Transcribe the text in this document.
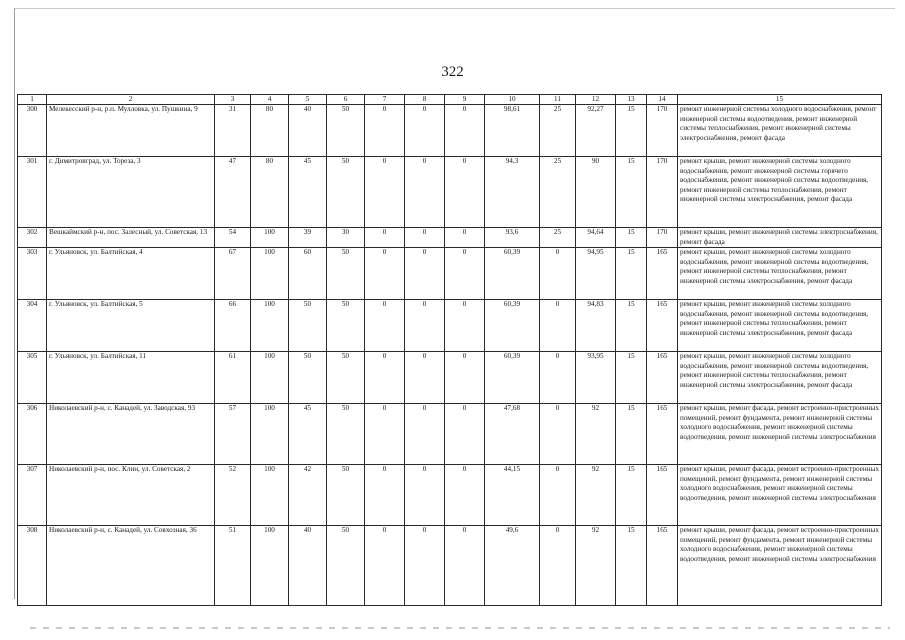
322
1	2	3	4	5	6	7	8	9	10	11	12	13	14	15
300	Мелекесский р-н, р.п. Мулловка, ул. Пушкина, 9	31	80	40	50	0	0	0	98,61	25	92,27	15	170	ремонт инженерной системы холодного водоснабжения, ремонт инженерной системы водоотведения, ремонт инженерной системы теплоснабжения, ремонт инженерной системы электроснабжения, ремонт фасада
301	г. Димитровград, ул. Тореза, 3	47	80	45	50	0	0	0	94,3	25	90	15	170	ремонт крыши, ремонт инженерной системы холодного водоснабжения, ремонт инженерной системы горячего водоснабжения, ремонт инженерной системы водоотведения, ремонт инженерной системы теплоснабжения, ремонт инженерной системы электроснабжения, ремонт фасада
302	Вешкаймский р-н, пос. Залесный, ул. Советская, 13	54	100	39	30	0	0	0	93,6	25	94,64	15	170	ремонт крыши, ремонт инженерной системы электроснабжения, ремонт фасада
303	г. Ульяновск, ул. Балтийская, 4	67	100	60	50	0	0	0	60,39	0	94,95	15	165	ремонт крыши, ремонт инженерной системы холодного водоснабжения, ремонт инженерной системы водоотведения, ремонт инженерной системы теплоснабжения, ремонт инженерной системы электроснабжения, ремонт фасада
304	г. Ульяновск, ул. Балтийская, 5	66	100	50	50	0	0	0	60,39	0	94,83	15	165	ремонт крыши, ремонт инженерной системы холодного водоснабжения, ремонт инженерной системы водоотведения, ремонт инженерной системы теплоснабжения, ремонт инженерной системы электроснабжения, ремонт фасада
305	г. Ульяновск, ул. Балтийская, 11	61	100	50	50	0	0	0	60,39	0	93,95	15	165	ремонт крыши, ремонт инженерной системы холодного водоснабжения, ремонт инженерной системы водоотведения, ремонт инженерной системы теплоснабжения, ремонт инженерной системы электроснабжения, ремонт фасада
306	Николаевский р-н, с. Канадей, ул. Заводская, 93	57	100	45	50	0	0	0	47,68	0	92	15	165	ремонт крыши, ремонт фасада, ремонт встроенно-пристроенных помещений, ремонт фундамента, ремонт инженерной системы холодного водоснабжения, ремонт инженерной системы водоотведения, ремонт инженерной системы электроснабжения
307	Николаевский р-н, пос. Клин, ул. Советская, 2	52	100	42	50	0	0	0	44,15	0	92	15	165	ремонт крыши, ремонт фасада, ремонт встроенно-пристроенных помещений, ремонт фундамента, ремонт инженерной системы холодного водоснабжения, ремонт инженерной системы водоотведения, ремонт инженерной системы электроснабжения
308	Николаевский р-н, с. Канадей, ул. Совхозная, 36	51	100	40	50	0	0	0	49,6	0	92	15	165	ремонт крыши, ремонт фасада, ремонт встроенно-пристроенных помещений, ремонт фундамента, ремонт инженерной системы холодного водоснабжения, ремонт инженерной системы водоотведения, ремонт инженерной системы электроснабжения
